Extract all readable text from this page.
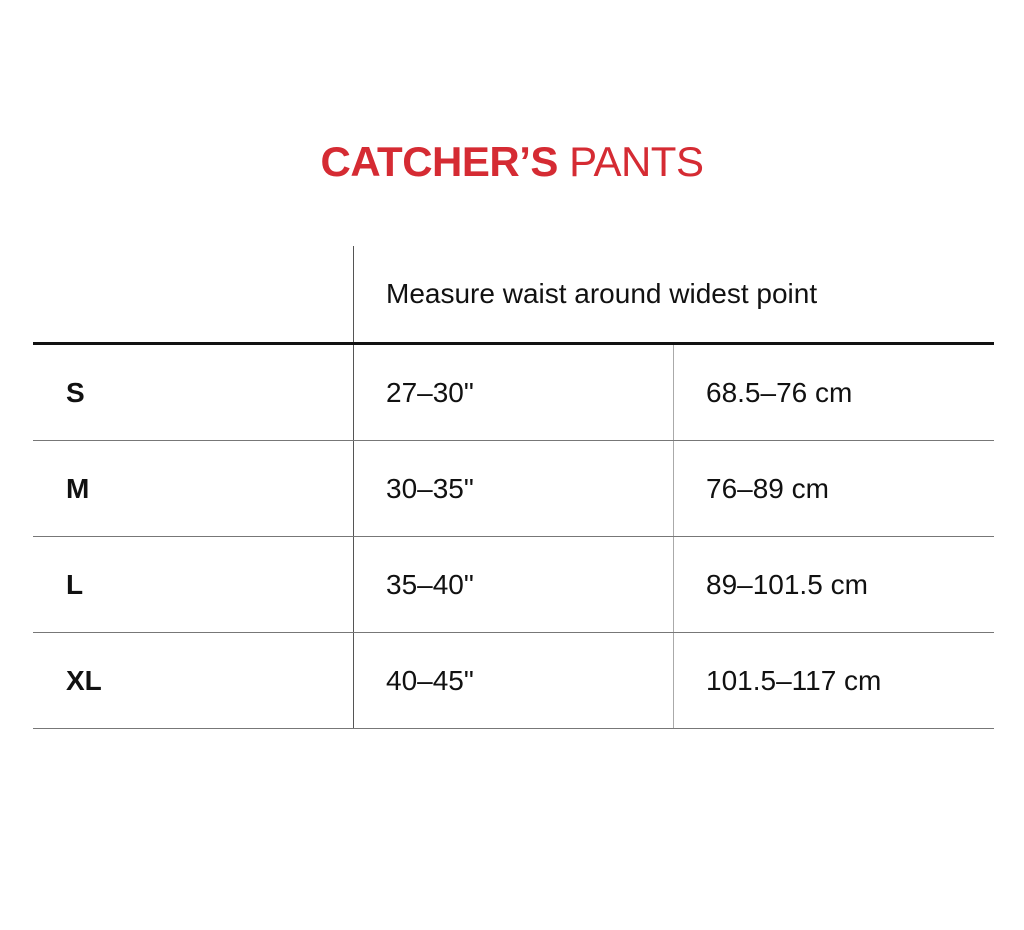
CATCHER’S PANTS
Measure waist around widest point
S	27–30"	68.5–76 cm
M	30–35"	76–89 cm
L	35–40"	89–101.5 cm
XL	40–45"	101.5–117 cm
